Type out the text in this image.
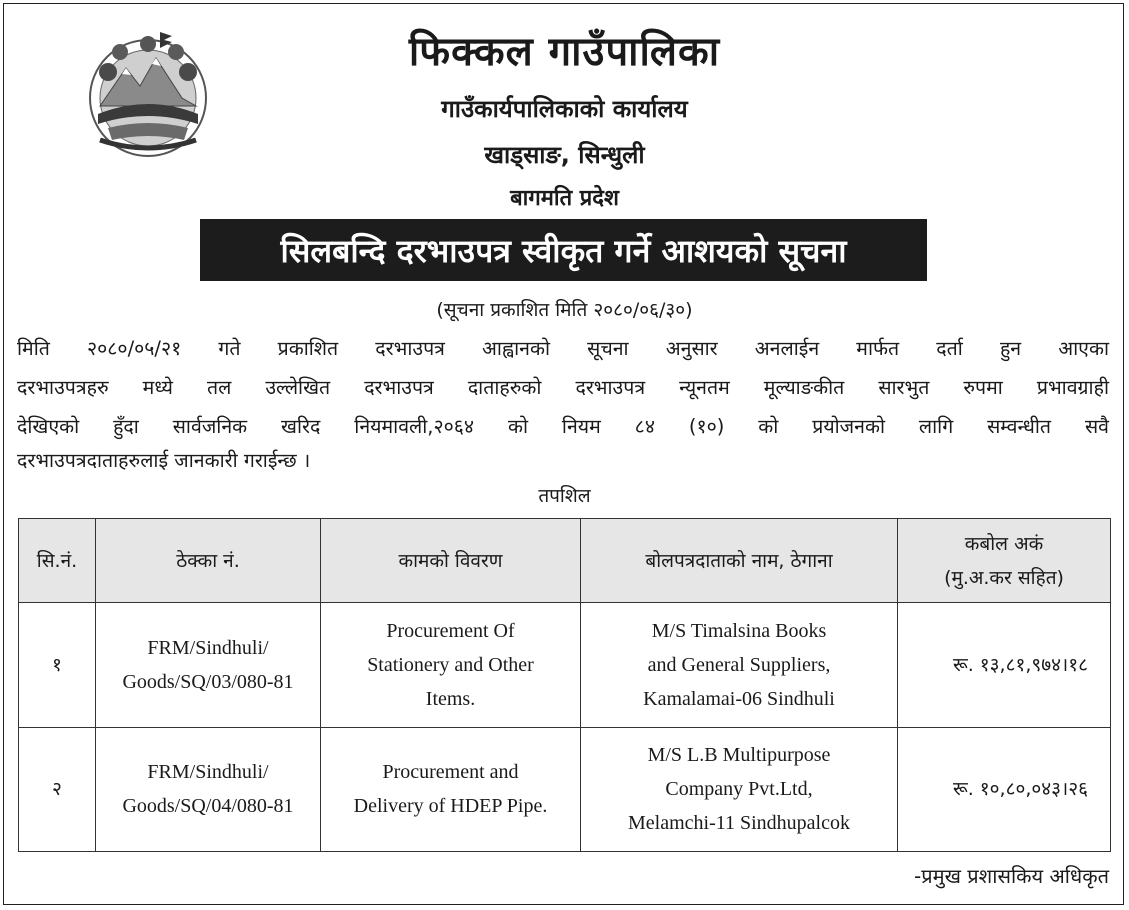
फिक्कल गाउँपालिका
गाउँकार्यपालिकाको कार्यालय
खाड्साङ, सिन्धुली
बागमति प्रदेश
सिलबन्दि दरभाउपत्र स्वीकृत गर्ने आशयको सूचना
(सूचना प्रकाशित मिति २०८०/०६/३०)
मिति २०८०/०५/२१ गते प्रकाशित दरभाउपत्र आह्वानको सूचना अनुसार अनलाईन मार्फत दर्ता हुन आएका
दरभाउपत्रहरु मध्ये तल उल्लेखित दरभाउपत्र दाताहरुको दरभाउपत्र न्यूनतम मूल्याङकीत सारभुत रुपमा प्रभावग्राही
देखिएको हुँदा सार्वजनिक खरिद नियमावली,२०६४ को नियम ८४ (१०) को प्रयोजनको लागि सम्वन्धीत सवै
दरभाउपत्रदाताहरुलाई जानकारी गराईन्छ ।
तपशिल
सि.नं.	ठेक्का नं.	कामको विवरण	बोलपत्रदाताको नाम, ठेगाना	कबोल अकं
(मु.अ.कर सहित)
१	FRM/Sindhuli/
Goods/SQ/03/080-81	Procurement Of
Stationery and Other
Items.	M/S Timalsina Books
and General Suppliers,
Kamalamai-06 Sindhuli	रू. १३,८१,९७४।१८
२	FRM/Sindhuli/
Goods/SQ/04/080-81	Procurement and
Delivery of HDEP Pipe.	M/S L.B Multipurpose
Company Pvt.Ltd,
Melamchi-11 Sindhupalcok	रू. १०,८०,०४३।२६
-प्रमुख प्रशासकिय अधिकृत
